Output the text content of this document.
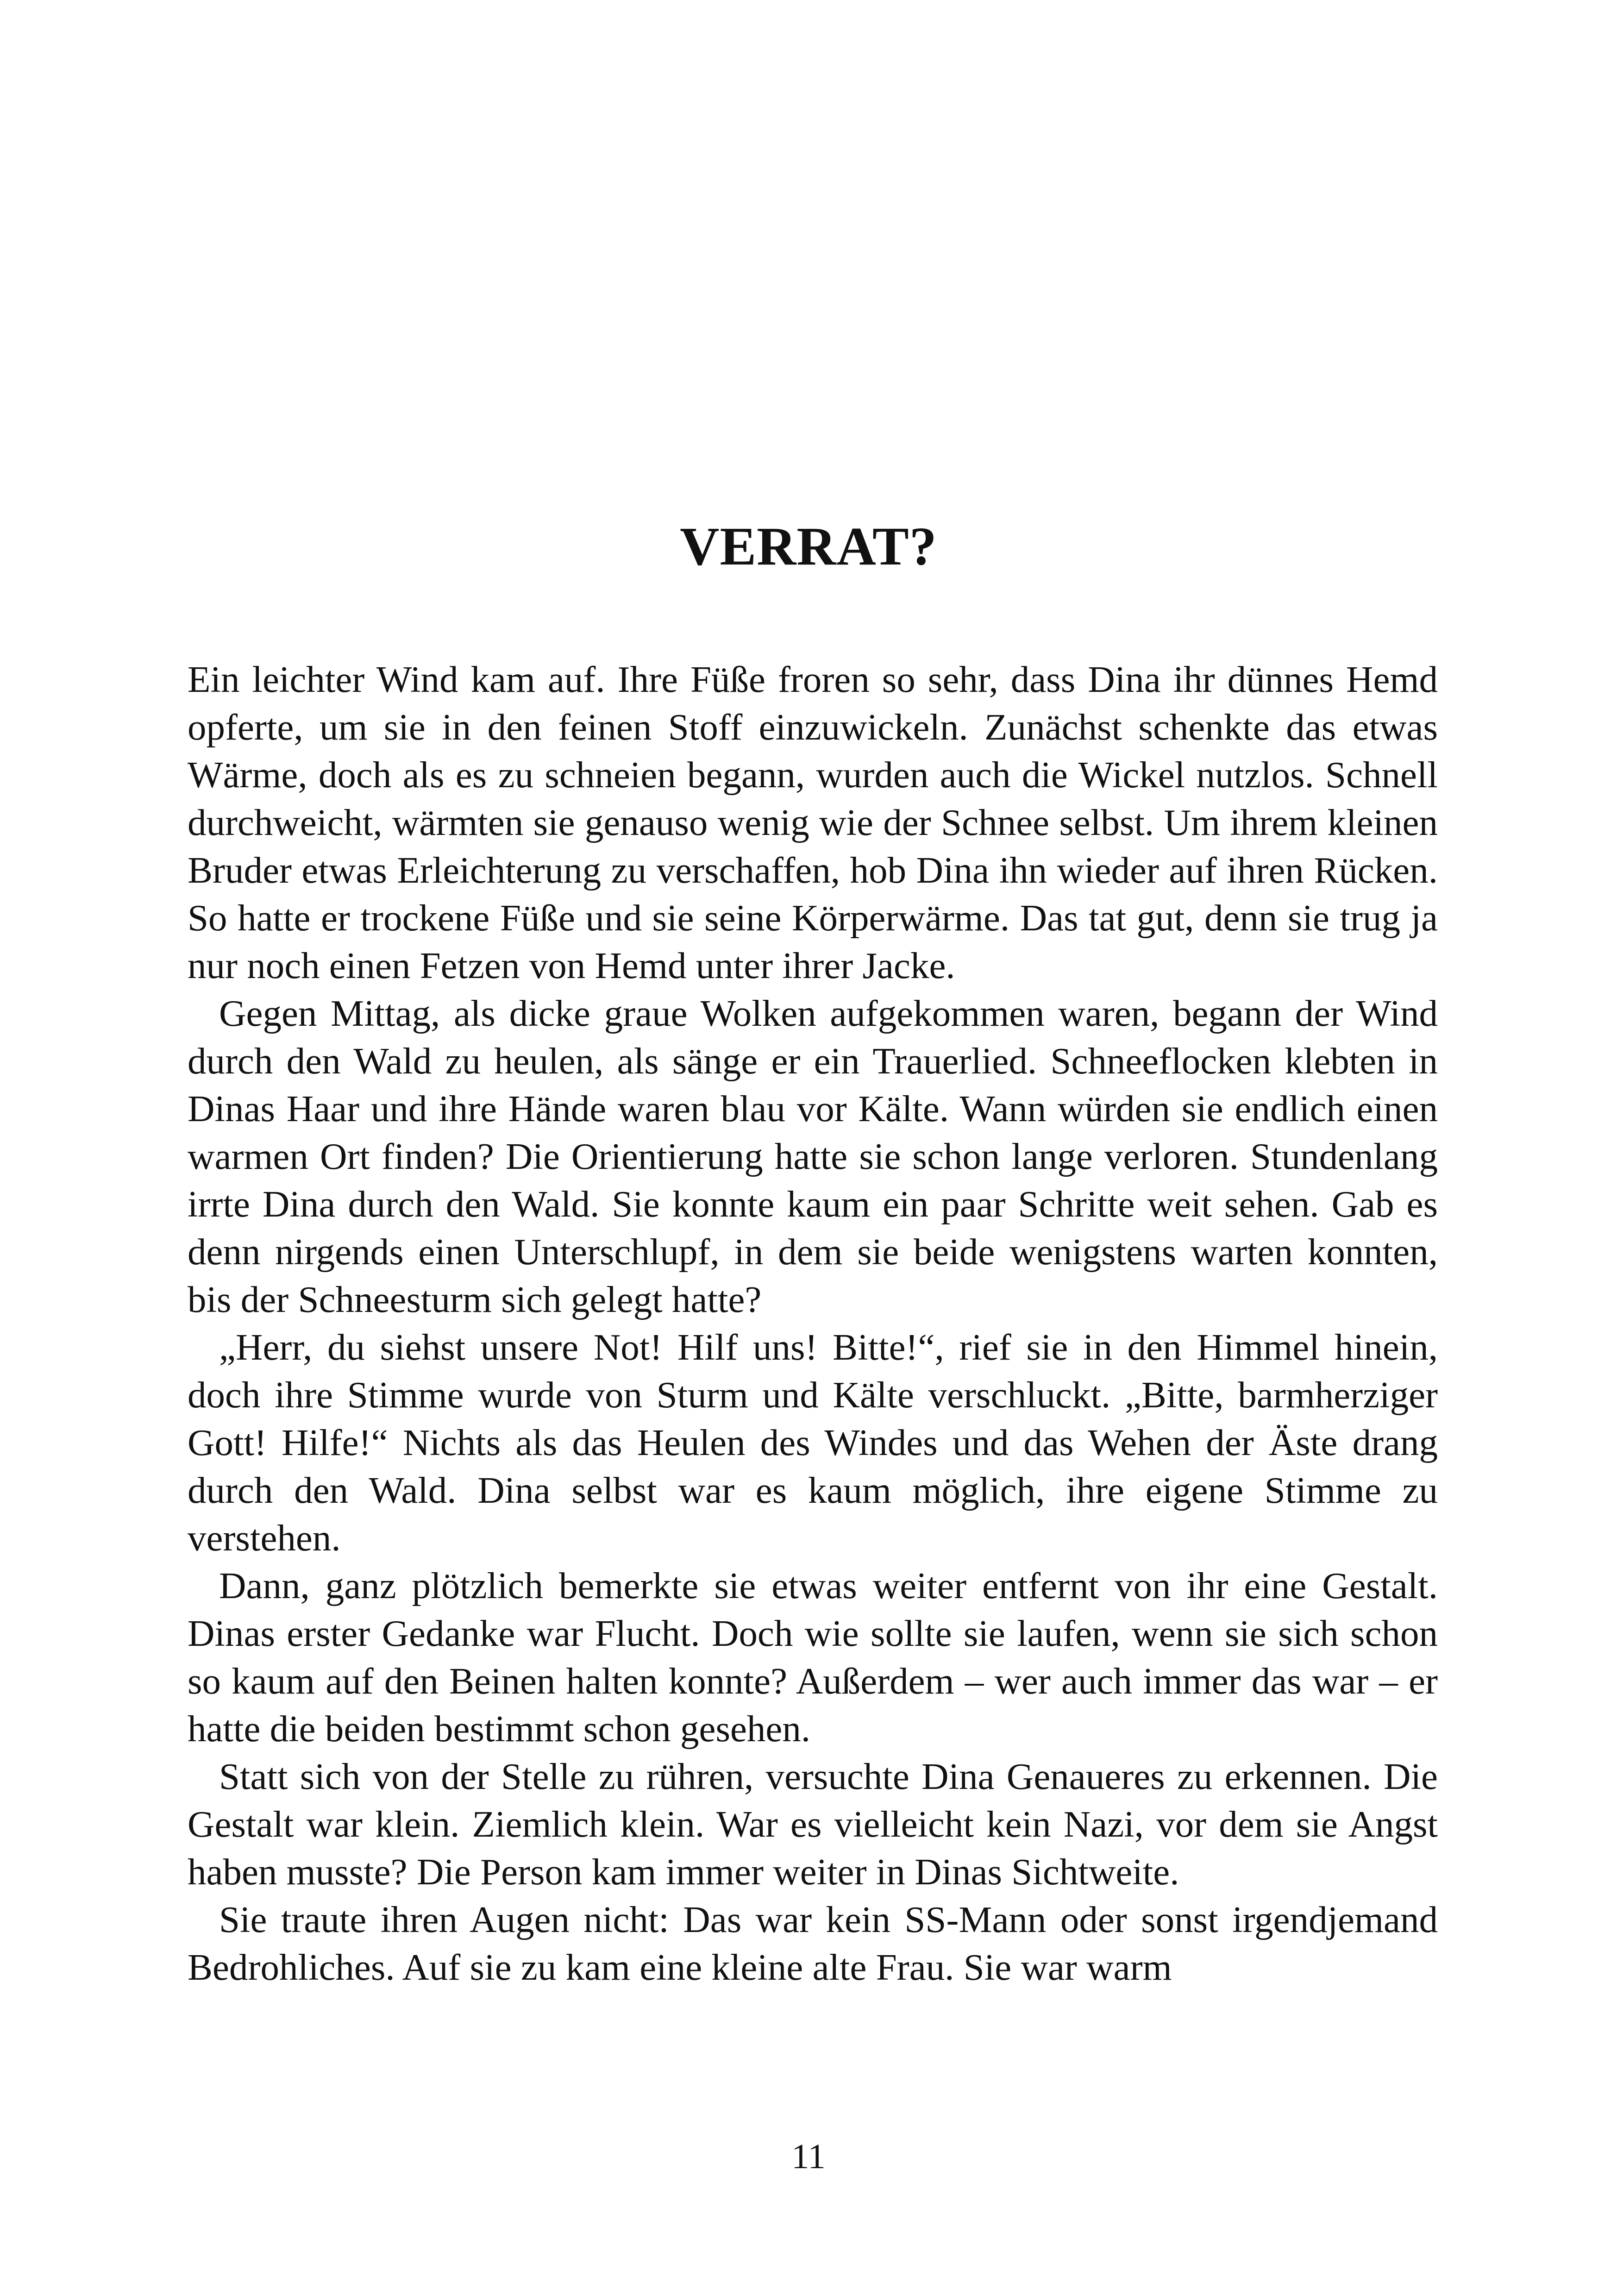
VERRAT?

Ein leichter Wind kam auf. Ihre Füße froren so sehr, dass Dina ihr dünnes Hemd opferte, um sie in den feinen Stoff einzuwickeln. Zunächst schenkte das etwas Wärme, doch als es zu schneien begann, wurden auch die Wickel nutzlos. Schnell durchweicht, wärmten sie genauso wenig wie der Schnee selbst. Um ihrem kleinen Bruder etwas Erleichterung zu verschaffen, hob Dina ihn wieder auf ihren Rücken. So hatte er trockene Füße und sie seine Körperwärme. Das tat gut, denn sie trug ja nur noch einen Fetzen von Hemd unter ihrer Jacke.

Gegen Mittag, als dicke graue Wolken aufgekommen waren, begann der Wind durch den Wald zu heulen, als sänge er ein Trauerlied. Schneeflocken klebten in Dinas Haar und ihre Hände waren blau vor Kälte. Wann würden sie endlich einen warmen Ort finden? Die Orientierung hatte sie schon lange verloren. Stundenlang irrte Dina durch den Wald. Sie konnte kaum ein paar Schritte weit sehen. Gab es denn nirgends einen Unterschlupf, in dem sie beide wenigstens warten konnten, bis der Schneesturm sich gelegt hatte?

„Herr, du siehst unsere Not! Hilf uns! Bitte!“, rief sie in den Himmel hinein, doch ihre Stimme wurde von Sturm und Kälte verschluckt. „Bitte, barmherziger Gott! Hilfe!“ Nichts als das Heulen des Windes und das Wehen der Äste drang durch den Wald. Dina selbst war es kaum möglich, ihre eigene Stimme zu verstehen.

Dann, ganz plötzlich bemerkte sie etwas weiter entfernt von ihr eine Gestalt. Dinas erster Gedanke war Flucht. Doch wie sollte sie laufen, wenn sie sich schon so kaum auf den Beinen halten konnte? Außerdem – wer auch immer das war – er hatte die beiden bestimmt schon gesehen.

Statt sich von der Stelle zu rühren, versuchte Dina Genaueres zu erkennen. Die Gestalt war klein. Ziemlich klein. War es vielleicht kein Nazi, vor dem sie Angst haben musste? Die Person kam immer weiter in Dinas Sichtweite.

Sie traute ihren Augen nicht: Das war kein SS-Mann oder sonst irgendjemand Bedrohliches. Auf sie zu kam eine kleine alte Frau. Sie war warm

11
